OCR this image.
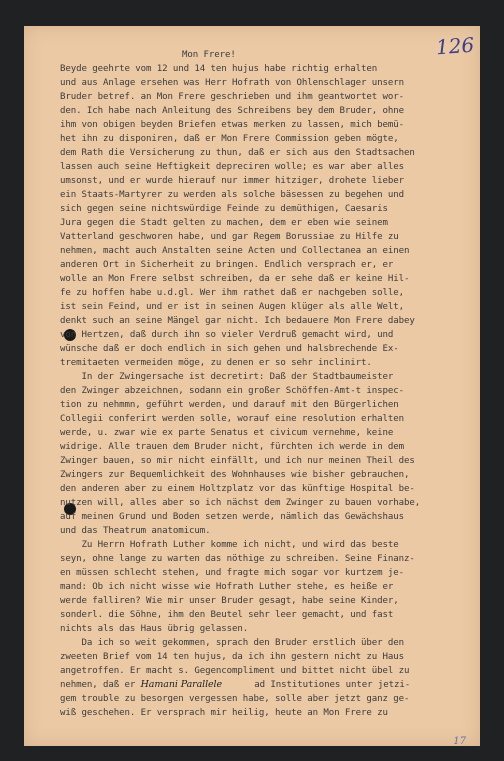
126
Mon Frere!
Beyde geehrte vom 12 und 14 ten hujus habe richtig erhalten
und aus Anlage ersehen was Herr Hofrath von Ohlenschlager unsern
Bruder betref. an Mon Frere geschrieben und ihm geantwortet wor-
den. Ich habe nach Anleitung des Schreibens bey dem Bruder, ohne
ihm von obigen beyden Briefen etwas merken zu lassen, mich bemü-
het ihn zu disponiren, daß er Mon Frere Commission geben mögte,
dem Rath die Versicherung zu thun, daß er sich aus den Stadtsachen
lassen auch seine Heftigkeit depreciren wolle; es war aber alles
umsonst, und er wurde hierauf nur immer hitziger, drohete lieber
ein Staats-Martyrer zu werden als solche bäsessen zu begehen und
sich gegen seine nichtswürdige Feinde zu demüthigen, Caesaris
Jura gegen die Stadt gelten zu machen, dem er eben wie seinem
Vatterland geschworen habe, und gar Regem Borussiae zu Hilfe zu
nehmen, macht auch Anstalten seine Acten und Collectanea an einen
anderen Ort in Sicherheit zu bringen. Endlich versprach er, er
wolle an Mon Frere selbst schreiben, da er sehe daß er keine Hil-
fe zu hoffen habe u.d.gl. Wer ihm rathet daß er nachgeben solle,
ist sein Feind, und er ist in seinen Augen klüger als alle Welt,
denkt such an seine Mängel gar nicht. Ich bedauere Mon Frere dabey
von Hertzen, daß durch ihn so vieler Verdruß gemacht wird, und
wünsche daß er doch endlich in sich gehen und halsbrechende Ex-
tremitaeten vermeiden möge, zu denen er so sehr inclinirt.
In der Zwingersache ist decretirt: Daß der Stadtbaumeister
den Zwinger abzeichnen, sodann ein großer Schöffen-Amt-t inspec-
tion zu nehmmn, geführt werden, und darauf mit den Bürgerlichen
Collegii conferirt werden solle, worauf eine resolution erhalten
werde, u. zwar wie ex parte Senatus et civicum vernehme, keine
widrige. Alle trauen dem Bruder nicht, fürchten ich werde in dem
Zwinger bauen, so mir nicht einfällt, und ich nur meinen Theil des
Zwingers zur Bequemlichkeit des Wohnhauses wie bisher gebrauchen,
den anderen aber zu einem Holtzplatz vor das künftige Hospital be-
nutzen will, alles aber so ich nächst dem Zwinger zu bauen vorhabe,
auf meinen Grund und Boden setzen werde, nämlich das Gewächshaus
und das Theatrum anatomicum.
Zu Herrn Hofrath Luther komme ich nicht, und wird das beste
seyn, ohne lange zu warten das nöthige zu schreiben. Seine Finanz-
en müssen schlecht stehen, und fragte mich sogar vor kurtzem je-
mand: Ob ich nicht wisse wie Hofrath Luther stehe, es heiße er
werde falliren? Wie mir unser Bruder gesagt, habe seine Kinder,
sonderl. die Söhne, ihm den Beutel sehr leer gemacht, und fast
nichts als das Haus übrig gelassen.
Da ich so weit gekommen, sprach den Bruder erstlich über den
zweeten Brief vom 14 ten hujus, da ich ihn gestern nicht zu Haus
angetroffen. Er macht s. Gegencompliment und bittet nicht übel zu
nehmen, daß er Hamani Parallele      ad Institutiones unter jetzi-
gem trouble zu besorgen vergessen habe, solle aber jetzt ganz ge-
wiß geschehen. Er versprach mir heilig, heute an Mon Frere zu
17
